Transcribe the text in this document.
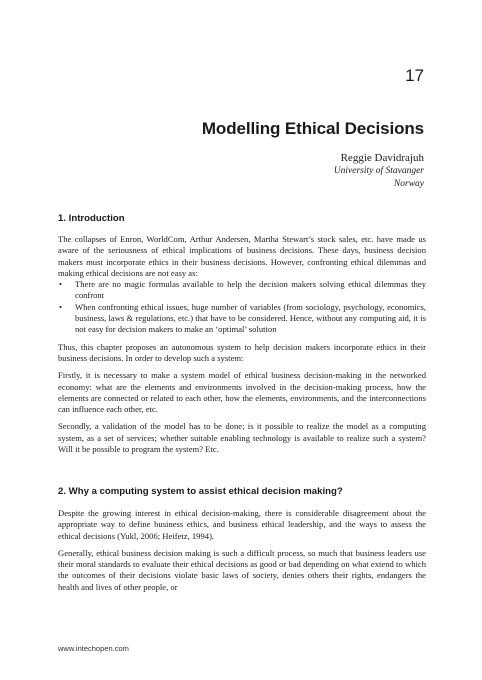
17
Modelling Ethical Decisions
Reggie Davidrajuh
University of Stavanger
Norway
1. Introduction

The collapses of Enron, WorldCom, Arthur Andersen, Martha Stewart’s stock sales, etc. have made us aware of the seriousness of ethical implications of business decisions. These days, business decision makers must incorporate ethics in their business decisions. However, confronting ethical dilemmas and making ethical decisions are not easy as:

• There are no magic formulas available to help the decision makers solving ethical dilemmas they confront
• When confronting ethical issues, huge number of variables (from sociology, psychology, economics, business, laws & regulations, etc.) that have to be considered. Hence, without any computing aid, it is not easy for decision makers to make an ‘optimal’ solution

Thus, this chapter proposes an autonomous system to help decision makers incorporate ethics in their business decisions. In order to develop such a system:

Firstly, it is necessary to make a system model of ethical business decision-making in the networked economy: what are the elements and environments involved in the decision-making process, how the elements are connected or related to each other, how the elements, environments, and the interconnections can influence each other, etc.

Secondly, a validation of the model has to be done; is it possible to realize the model as a computing system, as a set of services; whether suitable enabling technology is available to realize such a system? Will it be possible to program the system? Etc.

2. Why a computing system to assist ethical decision making?

Despite the growing interest in ethical decision-making, there is considerable disagreement about the appropriate way to define business ethics, and business ethical leadership, and the ways to assess the ethical decisions (Yukl, 2006; Heifetz, 1994).

Generally, ethical business decision making is such a difficult process, so much that business leaders use their moral standards to evaluate their ethical decisions as good or bad depending on what extend to which the outcomes of their decisions violate basic laws of society, denies others their rights, endangers the health and lives of other people, or

www.intechopen.com
